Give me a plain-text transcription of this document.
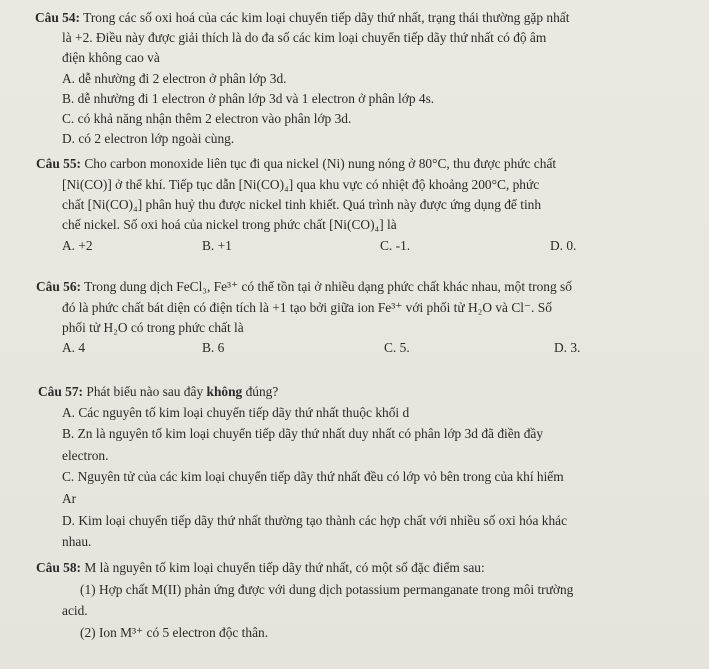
Câu 54: Trong các số oxi hoá của các kim loại chuyển tiếp dãy thứ nhất, trạng thái thường gặp nhất
là +2. Điều này được giải thích là do đa số các kim loại chuyển tiếp dãy thứ nhất có độ âm
điện không cao và
A. dễ nhường đi 2 electron ở phân lớp 3d.
B. dễ nhường đi 1 electron ở phân lớp 3d và 1 electron ở phân lớp 4s.
C. có khả năng nhận thêm 2 electron vào phân lớp 3d.
D. có 2 electron lớp ngoài cùng.
Câu 55: Cho carbon monoxide liên tục đi qua nickel (Ni) nung nóng ở 80°C, thu được phức chất
[Ni(CO)] ở thể khí. Tiếp tục dẫn [Ni(CO)₄] qua khu vực có nhiệt độ khoảng 200°C, phức
chất [Ni(CO)₄] phân huỷ thu được nickel tinh khiết. Quá trình này được ứng dụng để tinh
chế nickel. Số oxi hoá của nickel trong phức chất [Ni(CO)₄] là
A. +2	B. +1	C. -1.	D. 0.
Câu 56: Trong dung dịch FeCl₃, Fe³⁺ có thể tồn tại ở nhiều dạng phức chất khác nhau, một trong số
đó là phức chất bát diện có điện tích là +1 tạo bởi giữa ion Fe³⁺ với phối tử H₂O và Cl⁻. Số
phối tử H₂O có trong phức chất là
A. 4	B. 6	C. 5.	D. 3.
Câu 57: Phát biểu nào sau đây không đúng?
A. Các nguyên tố kim loại chuyển tiếp dãy thứ nhất thuộc khối d
B. Zn là nguyên tố kim loại chuyển tiếp dãy thứ nhất duy nhất có phân lớp 3d đã điền đầy
electron.
C. Nguyên tử của các kim loại chuyển tiếp dãy thứ nhất đều có lớp vỏ bên trong của khí hiếm
Ar
D. Kim loại chuyển tiếp dãy thứ nhất thường tạo thành các hợp chất với nhiều số oxi hóa khác
nhau.
Câu 58: M là nguyên tố kim loại chuyển tiếp dãy thứ nhất, có một số đặc điểm sau:
(1) Hợp chất M(II) phản ứng được với dung dịch potassium permanganate trong môi trường
acid.
(2) Ion M³⁺ có 5 electron độc thân.
